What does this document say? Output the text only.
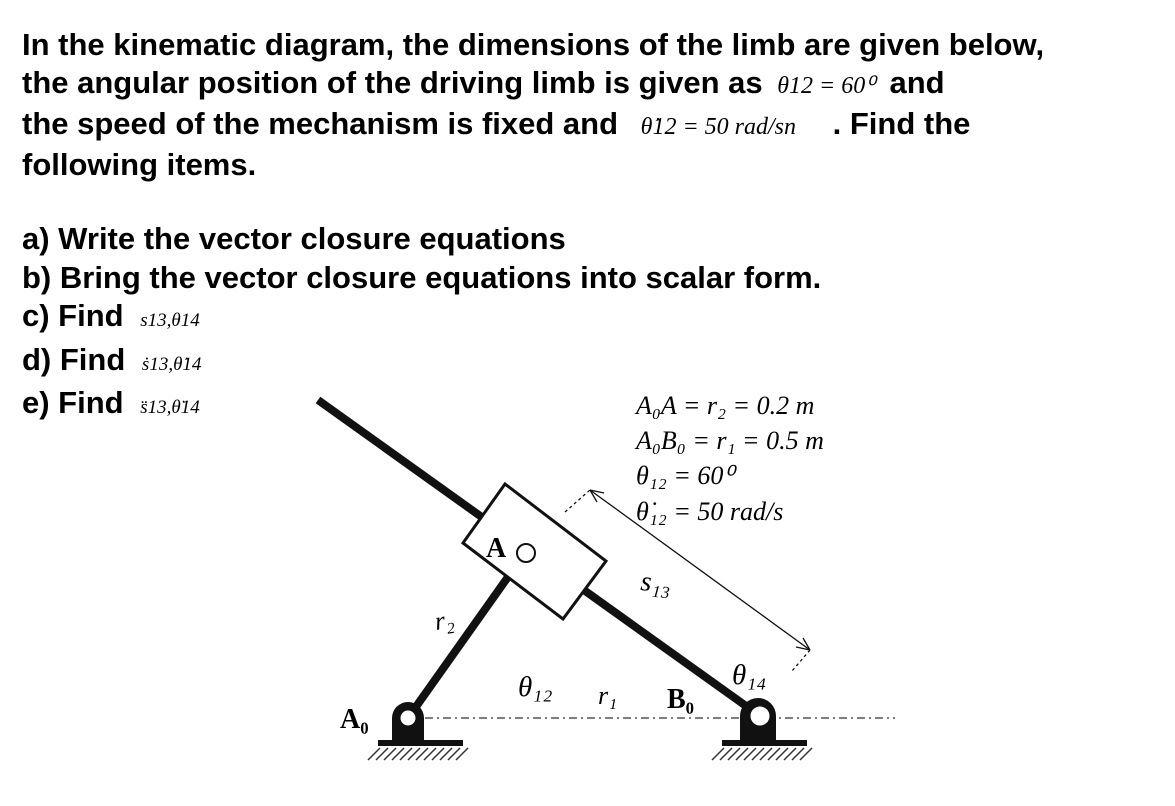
In the kinematic diagram, the dimensions of the limb are given below,
the angular position of the driving limb is given as θ12 = 60⁰ and
the speed of the mechanism is fixed and θ̇12 = 50 rad/sn . Find the
following items.
a) Write the vector closure equations
b) Bring the vector closure equations into scalar form.
c) Find s13,θ14
d) Find ṡ13,θ̇14
e) Find s̈13,θ̈14
A
A₀
B₀
r₂
r₁
θ₁₂	θ₁₄
s₁₃
A₀A = r₂ = 0.2 m
A₀B₀ = r₁ = 0.5 m
θ₁₂ = 60⁰
θ̇₁₂ = 50 rad/s
